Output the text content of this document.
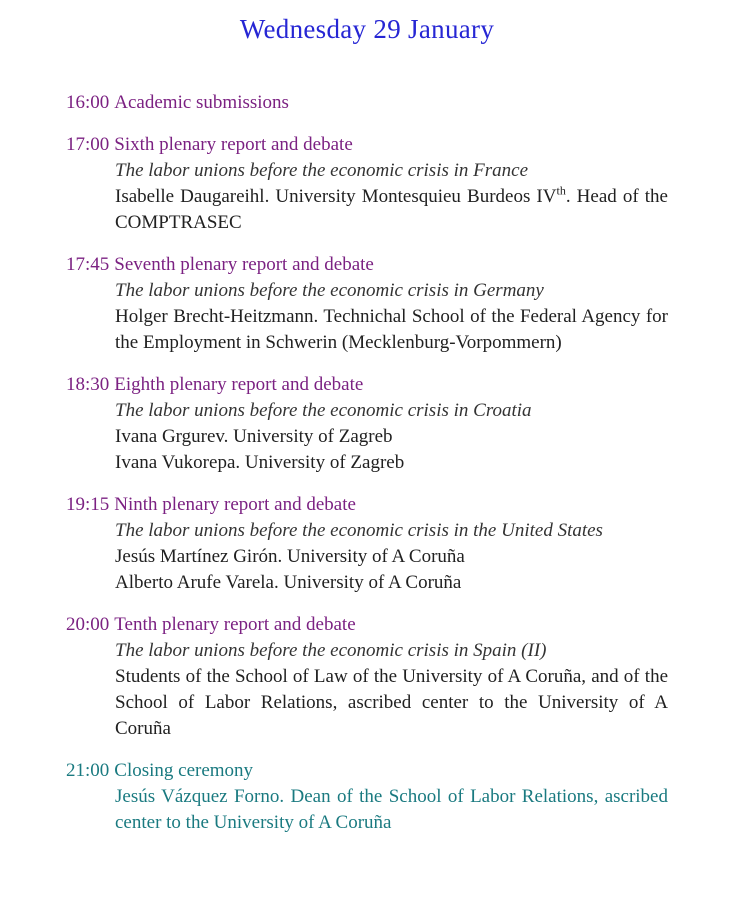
Wednesday 29 January
16:00 Academic submissions
17:00 Sixth plenary report and debate
The labor unions before the economic crisis in France

Isabelle Daugareihl. University Montesquieu Burdeos IVth. Head of the COMPTRASEC

17:45 Seventh plenary report and debate
The labor unions before the economic crisis in Germany

Holger Brecht-Heitzmann. Technichal School of the Federal Agency for the Employment in Schwerin (Mecklenburg-Vorpommern)

18:30 Eighth plenary report and debate
The labor unions before the economic crisis in Croatia

Ivana Grgurev. University of Zagreb

Ivana Vukorepa. University of Zagreb

19:15 Ninth plenary report and debate
The labor unions before the economic crisis in the United States

Jesús Martínez Girón. University of A Coruña

Alberto Arufe Varela. University of A Coruña

20:00 Tenth plenary report and debate
The labor unions before the economic crisis in Spain (II)

Students of the School of Law of the University of A Coruña, and of the School of Labor Relations, ascribed center to the University of A Coruña

21:00 Closing ceremony

Jesús Vázquez Forno. Dean of the School of Labor Relations, ascribed center to the University of A Coruña
